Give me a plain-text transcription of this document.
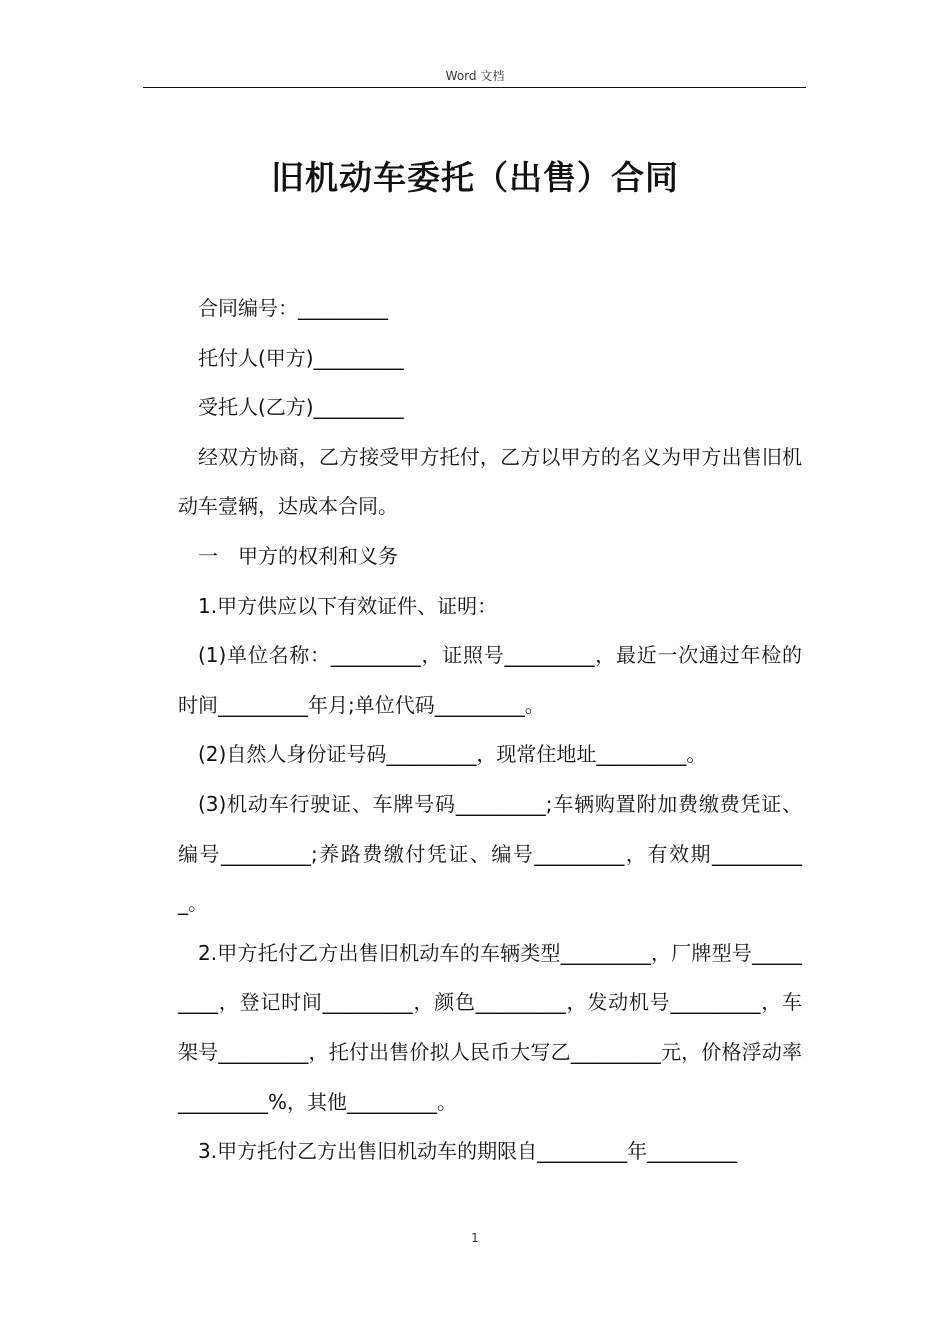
Word 文档
旧机动车委托（出售）合同

合同编号：_________

托付人(甲方)_________

受托人(乙方)_________

经双方协商，乙方接受甲方托付，乙方以甲方的名义为甲方出售旧机动车壹辆，达成本合同。

一　甲方的权利和义务

1.甲方供应以下有效证件、证明：

(1)单位名称：_________，证照号_________，最近一次通过年检的时间_________年月;单位代码_________。

(2)自然人身份证号码_________，现常住地址_________。

(3)机动车行驶证、车牌号码_________;车辆购置附加费缴费凭证、编号_________;养路费缴付凭证、编号_________，有效期__________。

2.甲方托付乙方出售旧机动车的车辆类型_________，厂牌型号_________，登记时间_________，颜色_________，发动机号_________，车架号_________，托付出售价拟人民币大写乙_________元，价格浮动率_________%，其他_________。

3.甲方托付乙方出售旧机动车的期限自_________年_________

1
